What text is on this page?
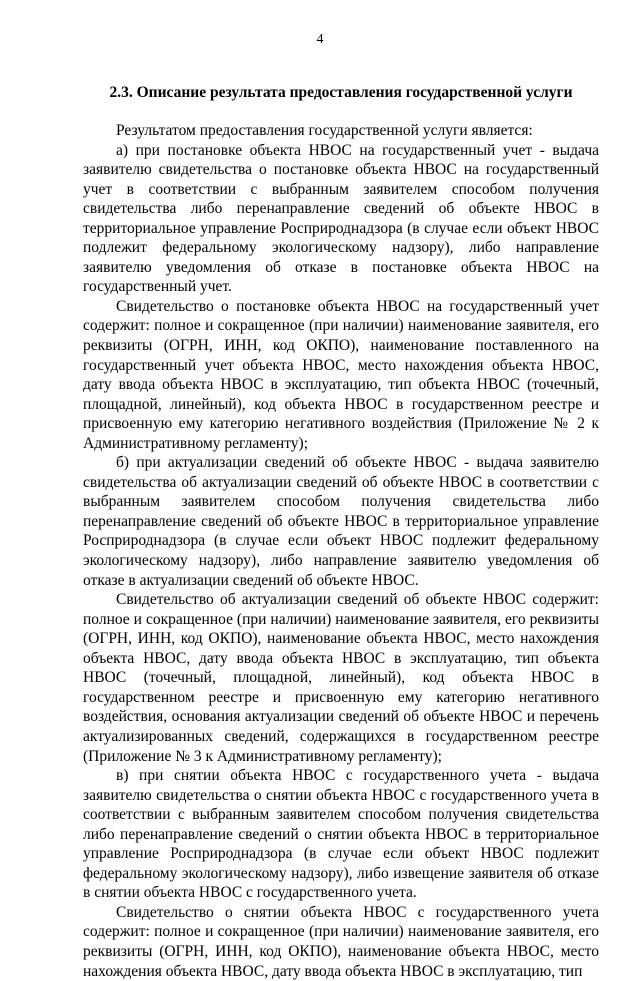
4
2.3. Описание результата предоставления государственной услуги

Результатом предоставления государственной услуги является:

а) при постановке объекта НВОС на государственный учет - выдача заявителю свидетельства о постановке объекта НВОС на государственный учет в соответствии с выбранным заявителем способом получения свидетельства либо перенаправление сведений об объекте НВОС в территориальное управление Росприроднадзора (в случае если объект НВОС подлежит федеральному экологическому надзору), либо направление заявителю уведомления об отказе в постановке объекта НВОС на государственный учет.

Свидетельство о постановке объекта НВОС на государственный учет содержит: полное и сокращенное (при наличии) наименование заявителя, его реквизиты (ОГРН, ИНН, код ОКПО), наименование поставленного на государственный учет объекта НВОС, место нахождения объекта НВОС, дату ввода объекта НВОС в эксплуатацию, тип объекта НВОС (точечный, площадной, линейный), код объекта НВОС в государственном реестре и присвоенную ему категорию негативного воздействия (Приложение № 2 к Административному регламенту);

б) при актуализации сведений об объекте НВОС - выдача заявителю свидетельства об актуализации сведений об объекте НВОС в соответствии с выбранным заявителем способом получения свидетельства либо перенаправление сведений об объекте НВОС в территориальное управление Росприроднадзора (в случае если объект НВОС подлежит федеральному экологическому надзору), либо направление заявителю уведомления об отказе в актуализации сведений об объекте НВОС.

Свидетельство об актуализации сведений об объекте НВОС содержит: полное и сокращенное (при наличии) наименование заявителя, его реквизиты (ОГРН, ИНН, код ОКПО), наименование объекта НВОС, место нахождения объекта НВОС, дату ввода объекта НВОС в эксплуатацию, тип объекта НВОС (точечный, площадной, линейный), код объекта НВОС в государственном реестре и присвоенную ему категорию негативного воздействия, основания актуализации сведений об объекте НВОС и перечень актуализированных сведений, содержащихся в государственном реестре (Приложение № 3 к Административному регламенту);

в) при снятии объекта НВОС с государственного учета - выдача заявителю свидетельства о снятии объекта НВОС с государственного учета в соответствии с выбранным заявителем способом получения свидетельства либо перенаправление сведений о снятии объекта НВОС в территориальное управление Росприроднадзора (в случае если объект НВОС подлежит федеральному экологическому надзору), либо извещение заявителя об отказе в снятии объекта НВОС с государственного учета.

Свидетельство о снятии объекта НВОС с государственного учета содержит: полное и сокращенное (при наличии) наименование заявителя, его реквизиты (ОГРН, ИНН, код ОКПО), наименование объекта НВОС, место нахождения объекта НВОС, дату ввода объекта НВОС в эксплуатацию, тип
